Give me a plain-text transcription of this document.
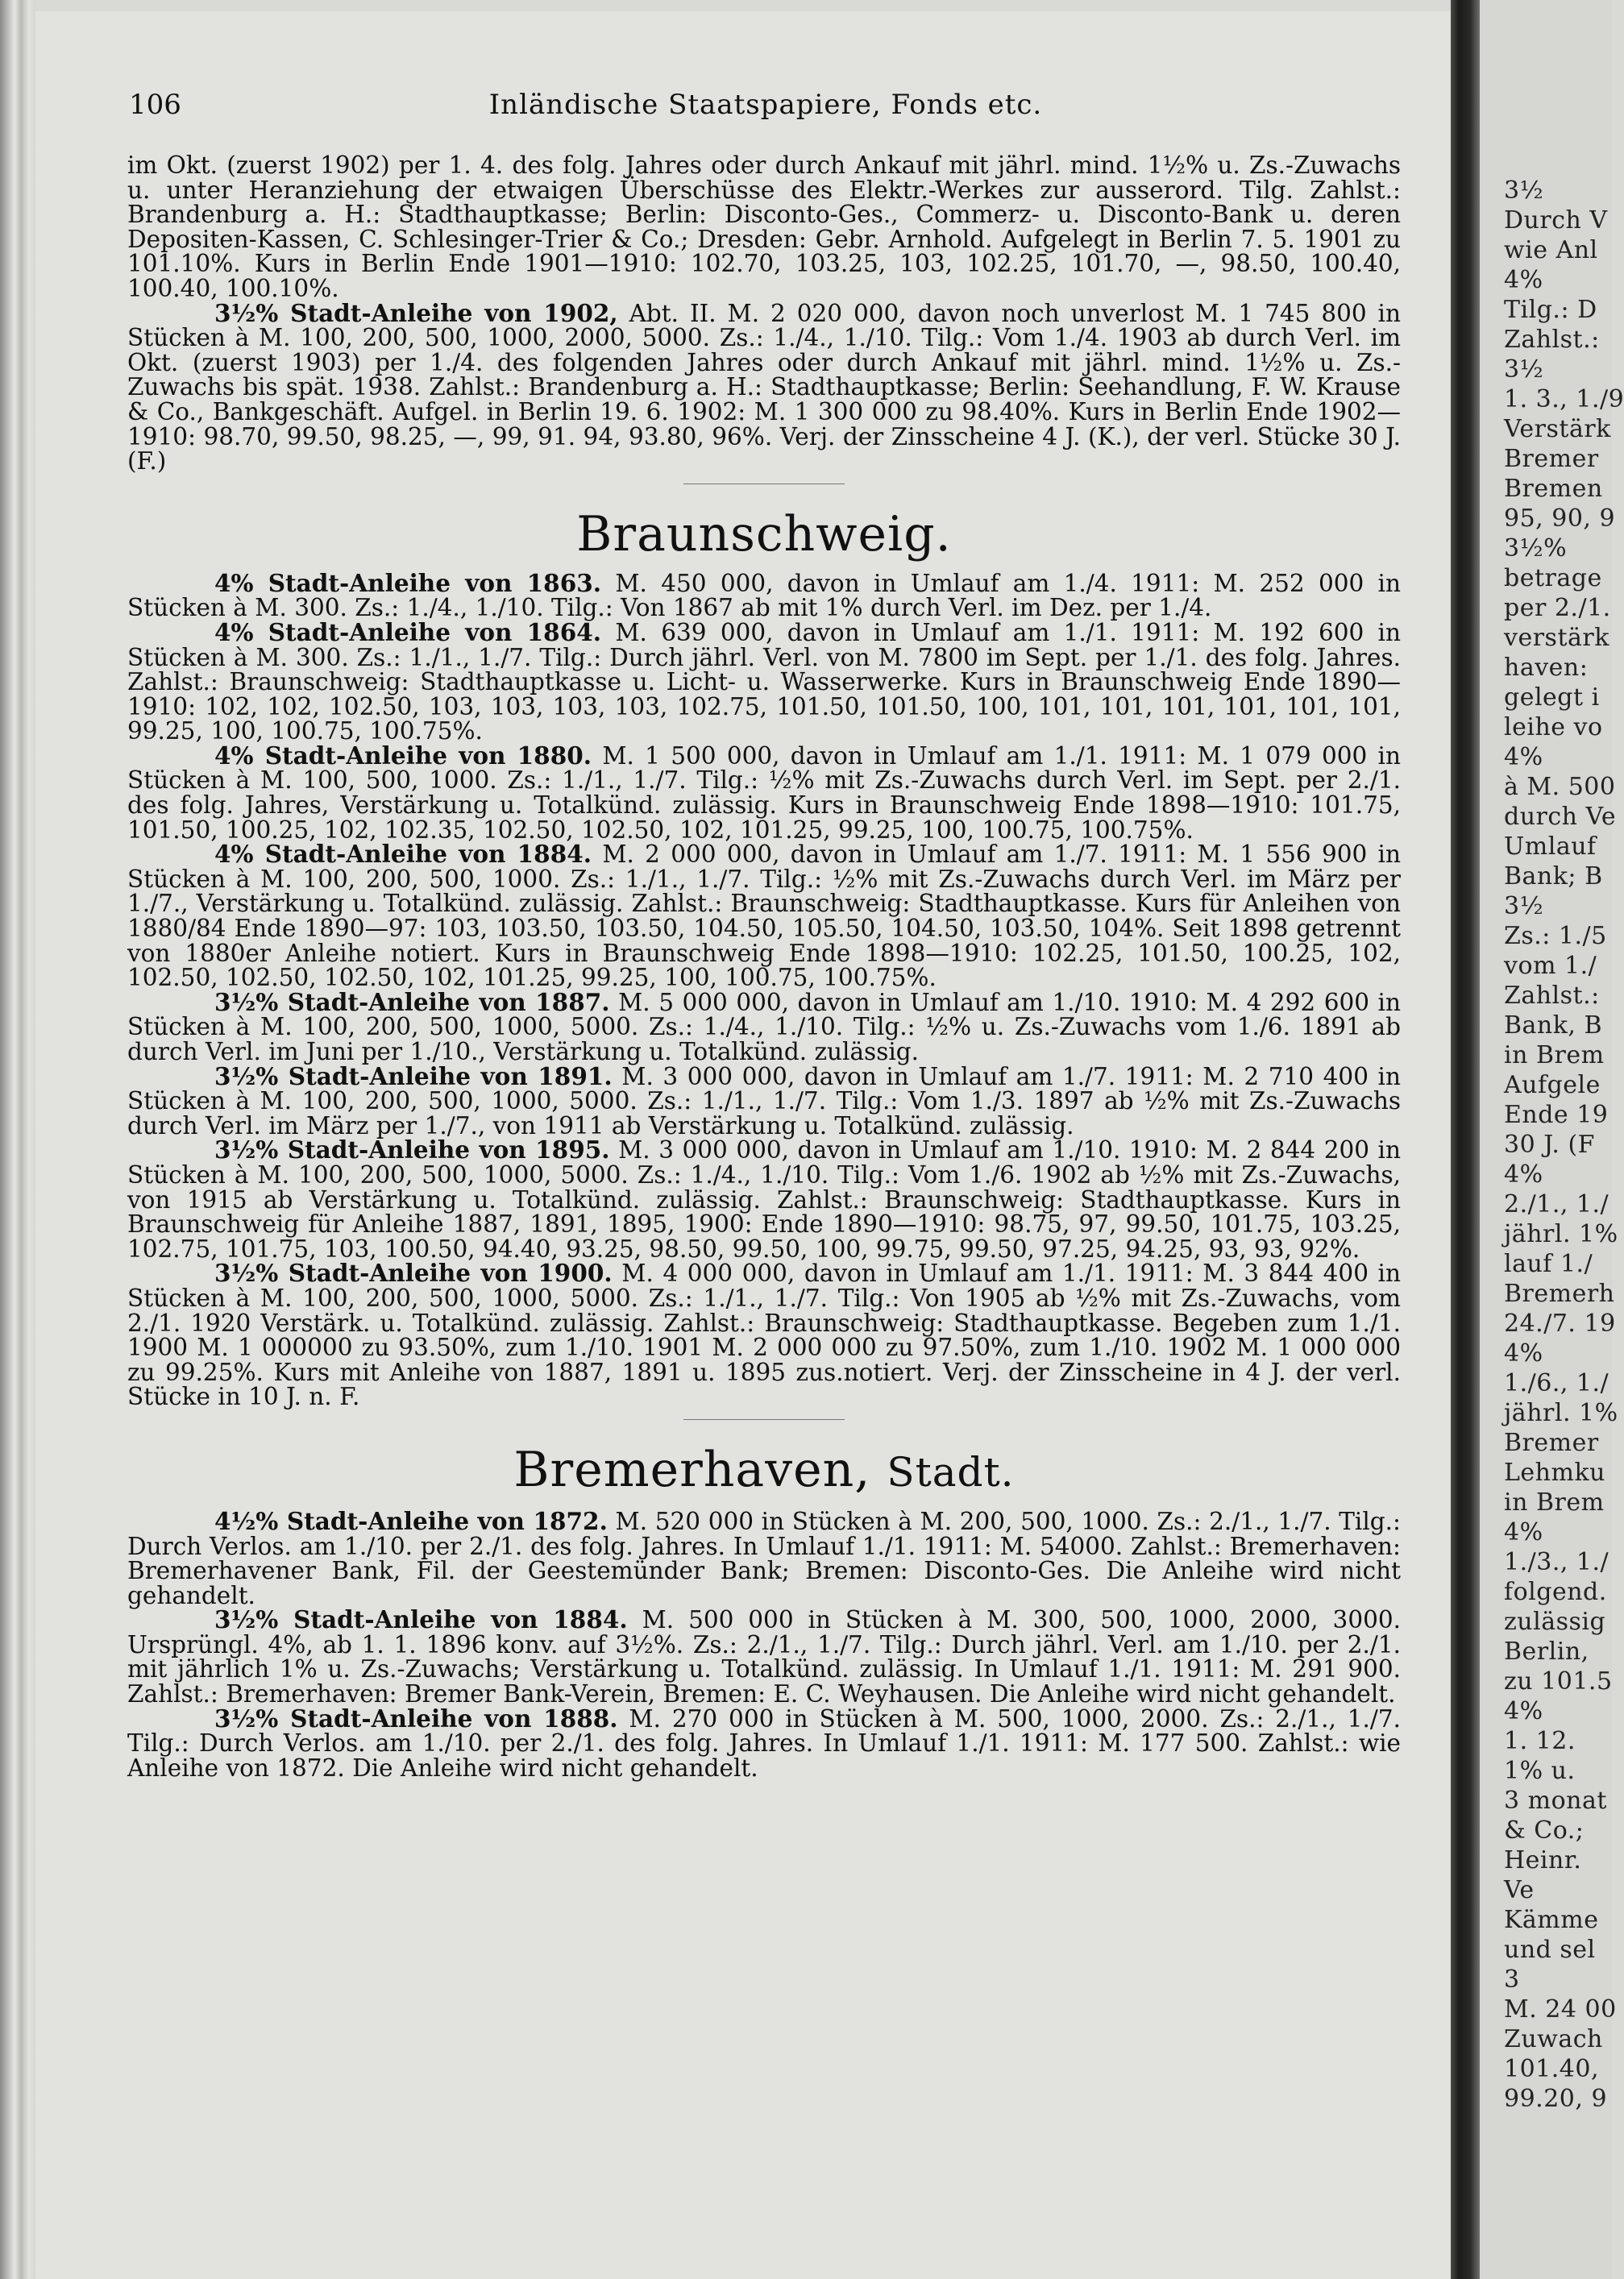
106	Inländische Staatspapiere, Fonds etc.

im Okt. (zuerst 1902) per 1. 4. des folg. Jahres oder durch Ankauf mit jährl. mind. 1½% u. Zs.-Zuwachs u. unter Heranziehung der etwaigen Überschüsse des Elektr.-Werkes zur ausserord. Tilg. Zahlst.: Brandenburg a. H.: Stadthauptkasse; Berlin: Disconto-Ges., Commerz- u. Disconto-Bank u. deren Depositen-Kassen, C. Schlesinger-Trier & Co.; Dresden: Gebr. Arnhold. Aufgelegt in Berlin 7. 5. 1901 zu 101.10%. Kurs in Berlin Ende 1901—1910: 102.70, 103.25, 103, 102.25, 101.70, —, 98.50, 100.40, 100.40, 100.10%.

3½% Stadt-Anleihe von 1902, Abt. II. M. 2 020 000, davon noch unverlost M. 1 745 800 in Stücken à M. 100, 200, 500, 1000, 2000, 5000. Zs.: 1./4., 1./10. Tilg.: Vom 1./4. 1903 ab durch Verl. im Okt. (zuerst 1903) per 1./4. des folgenden Jahres oder durch Ankauf mit jährl. mind. 1½% u. Zs.-Zuwachs bis spät. 1938. Zahlst.: Brandenburg a. H.: Stadthauptkasse; Berlin: Seehandlung, F. W. Krause & Co., Bankgeschäft. Aufgel. in Berlin 19. 6. 1902: M. 1 300 000 zu 98.40%. Kurs in Berlin Ende 1902—1910: 98.70, 99.50, 98.25, —, 99, 91. 94, 93.80, 96%. Verj. der Zinsscheine 4 J. (K.), der verl. Stücke 30 J. (F.)

Braunschweig.

4% Stadt-Anleihe von 1863. M. 450 000, davon in Umlauf am 1./4. 1911: M. 252 000 in Stücken à M. 300. Zs.: 1./4., 1./10. Tilg.: Von 1867 ab mit 1% durch Verl. im Dez. per 1./4.

4% Stadt-Anleihe von 1864. M. 639 000, davon in Umlauf am 1./1. 1911: M. 192 600 in Stücken à M. 300. Zs.: 1./1., 1./7. Tilg.: Durch jährl. Verl. von M. 7800 im Sept. per 1./1. des folg. Jahres. Zahlst.: Braunschweig: Stadthauptkasse u. Licht- u. Wasserwerke. Kurs in Braunschweig Ende 1890—1910: 102, 102, 102.50, 103, 103, 103, 103, 102.75, 101.50, 101.50, 100, 101, 101, 101, 101, 101, 101, 99.25, 100, 100.75, 100.75%.

4% Stadt-Anleihe von 1880. M. 1 500 000, davon in Umlauf am 1./1. 1911: M. 1 079 000 in Stücken à M. 100, 500, 1000. Zs.: 1./1., 1./7. Tilg.: ½% mit Zs.-Zuwachs durch Verl. im Sept. per 2./1. des folg. Jahres, Verstärkung u. Totalkünd. zulässig. Kurs in Braunschweig Ende 1898—1910: 101.75, 101.50, 100.25, 102, 102.35, 102.50, 102.50, 102, 101.25, 99.25, 100, 100.75, 100.75%.

4% Stadt-Anleihe von 1884. M. 2 000 000, davon in Umlauf am 1./7. 1911: M. 1 556 900 in Stücken à M. 100, 200, 500, 1000. Zs.: 1./1., 1./7. Tilg.: ½% mit Zs.-Zuwachs durch Verl. im März per 1./7., Verstärkung u. Totalkünd. zulässig. Zahlst.: Braunschweig: Stadthauptkasse. Kurs für Anleihen von 1880/84 Ende 1890—97: 103, 103.50, 103.50, 104.50, 105.50, 104.50, 103.50, 104%. Seit 1898 getrennt von 1880er Anleihe notiert. Kurs in Braunschweig Ende 1898—1910: 102.25, 101.50, 100.25, 102, 102.50, 102.50, 102.50, 102, 101.25, 99.25, 100, 100.75, 100.75%.

3½% Stadt-Anleihe von 1887. M. 5 000 000, davon in Umlauf am 1./10. 1910: M. 4 292 600 in Stücken à M. 100, 200, 500, 1000, 5000. Zs.: 1./4., 1./10. Tilg.: ½% u. Zs.-Zuwachs vom 1./6. 1891 ab durch Verl. im Juni per 1./10., Verstärkung u. Totalkünd. zulässig.

3½% Stadt-Anleihe von 1891. M. 3 000 000, davon in Umlauf am 1./7. 1911: M. 2 710 400 in Stücken à M. 100, 200, 500, 1000, 5000. Zs.: 1./1., 1./7. Tilg.: Vom 1./3. 1897 ab ½% mit Zs.-Zuwachs durch Verl. im März per 1./7., von 1911 ab Verstärkung u. Totalkünd. zulässig.

3½% Stadt-Anleihe von 1895. M. 3 000 000, davon in Umlauf am 1./10. 1910: M. 2 844 200 in Stücken à M. 100, 200, 500, 1000, 5000. Zs.: 1./4., 1./10. Tilg.: Vom 1./6. 1902 ab ½% mit Zs.-Zuwachs, von 1915 ab Verstärkung u. Totalkünd. zulässig. Zahlst.: Braunschweig: Stadthauptkasse. Kurs in Braunschweig für Anleihe 1887, 1891, 1895, 1900: Ende 1890—1910: 98.75, 97, 99.50, 101.75, 103.25, 102.75, 101.75, 103, 100.50, 94.40, 93.25, 98.50, 99.50, 100, 99.75, 99.50, 97.25, 94.25, 93, 93, 92%.

3½% Stadt-Anleihe von 1900. M. 4 000 000, davon in Umlauf am 1./1. 1911: M. 3 844 400 in Stücken à M. 100, 200, 500, 1000, 5000. Zs.: 1./1., 1./7. Tilg.: Von 1905 ab ½% mit Zs.-Zuwachs, vom 2./1. 1920 Verstärk. u. Totalkünd. zulässig. Zahlst.: Braunschweig: Stadthauptkasse. Begeben zum 1./1. 1900 M. 1 000000 zu 93.50%, zum 1./10. 1901 M. 2 000 000 zu 97.50%, zum 1./10. 1902 M. 1 000 000 zu 99.25%. Kurs mit Anleihe von 1887, 1891 u. 1895 zus.notiert. Verj. der Zinsscheine in 4 J. der verl. Stücke in 10 J. n. F.

Bremerhaven, Stadt.

4½% Stadt-Anleihe von 1872. M. 520 000 in Stücken à M. 200, 500, 1000. Zs.: 2./1., 1./7. Tilg.: Durch Verlos. am 1./10. per 2./1. des folg. Jahres. In Umlauf 1./1. 1911: M. 54000. Zahlst.: Bremerhaven: Bremerhavener Bank, Fil. der Geestemünder Bank; Bremen: Disconto-Ges. Die Anleihe wird nicht gehandelt.

3½% Stadt-Anleihe von 1884. M. 500 000 in Stücken à M. 300, 500, 1000, 2000, 3000. Ursprüngl. 4%, ab 1. 1. 1896 konv. auf 3½%. Zs.: 2./1., 1./7. Tilg.: Durch jährl. Verl. am 1./10. per 2./1. mit jährlich 1% u. Zs.-Zuwachs; Verstärkung u. Totalkünd. zulässig. In Umlauf 1./1. 1911: M. 291 900. Zahlst.: Bremerhaven: Bremer Bank-Verein, Bremen: E. C. Weyhausen. Die Anleihe wird nicht gehandelt.

3½% Stadt-Anleihe von 1888. M. 270 000 in Stücken à M. 500, 1000, 2000. Zs.: 2./1., 1./7. Tilg.: Durch Verlos. am 1./10. per 2./1. des folg. Jahres. In Umlauf 1./1. 1911: M. 177 500. Zahlst.: wie Anleihe von 1872. Die Anleihe wird nicht gehandelt.

3½
Durch V
wie Anl
4%
Tilg.: D
Zahlst.:
3½
1. 3., 1./9
Verstärk
Bremer
Bremen
95, 90, 9
3½%
betrage
per 2./1.
verstärk
haven:
gelegt i
leihe vo
4%
à M. 500
durch Ve
Umlauf
Bank; B
3½
Zs.: 1./5
vom 1./
Zahlst.:
Bank, B
in Brem
Aufgele
Ende 19
30 J. (F
4%
2./1., 1./
jährl. 1%
lauf 1./
Bremerh
24./7. 19
4%
1./6., 1./
jährl. 1%
Bremer
Lehmku
in Brem
4%
1./3., 1./
folgend.
zulässig
Berlin,
zu 101.5
4%
1. 12.
1% u.
3 monat
& Co.;
Heinr.
Ve
Kämme
und sel
3
M. 24 00
Zuwach
101.40,
99.20, 9
